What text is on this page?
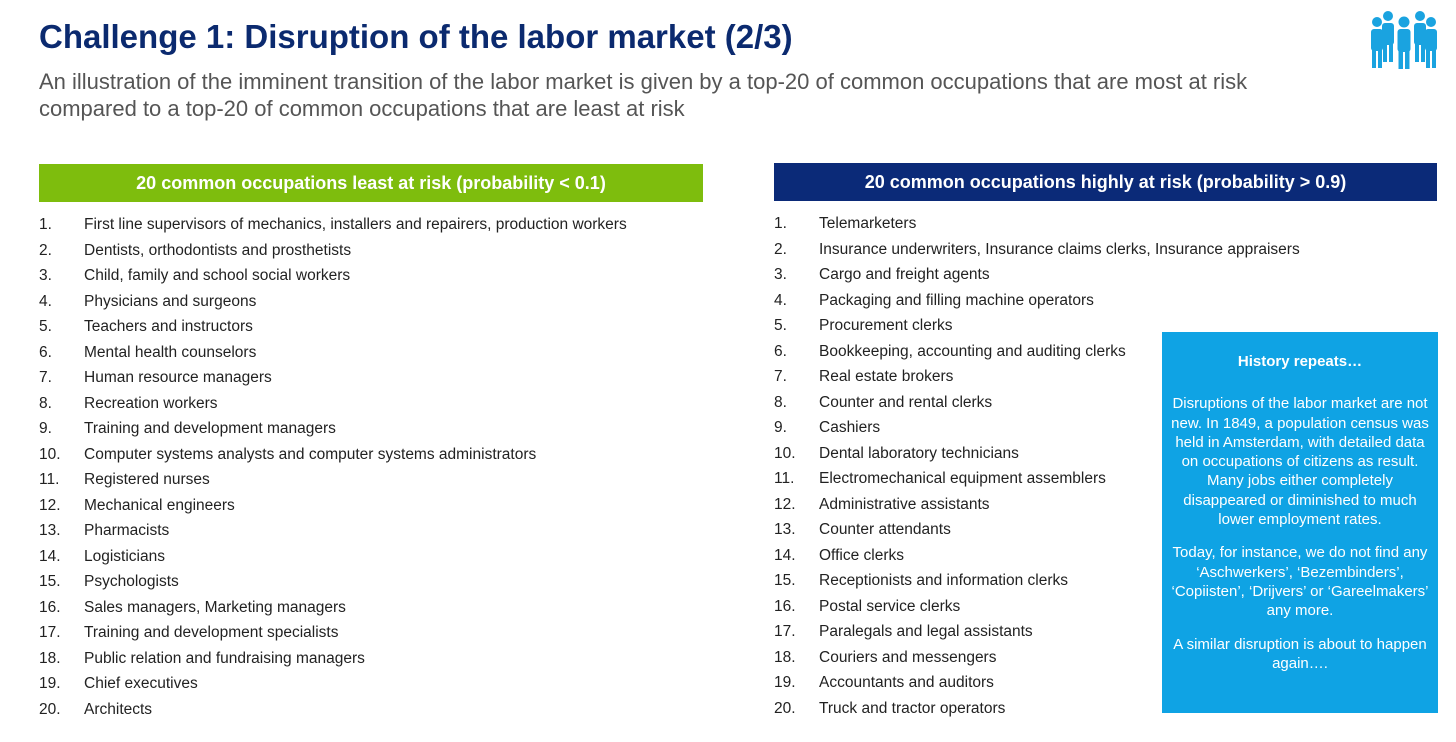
Challenge 1: Disruption of the labor market (2/3)
An illustration of the imminent transition of the labor market is given by a top-20 of common occupations that are most at risk compared to a top-20 of common occupations that are least at risk
20 common occupations least at risk (probability < 0.1)
1. First line supervisors of mechanics, installers and repairers, production workers
2. Dentists, orthodontists and prosthetists
3. Child, family and school social workers
4. Physicians and surgeons
5. Teachers and instructors
6. Mental health counselors
7. Human resource managers
8. Recreation workers
9. Training and development managers
10. Computer systems analysts and computer systems administrators
11. Registered nurses
12. Mechanical engineers
13. Pharmacists
14. Logisticians
15. Psychologists
16. Sales managers, Marketing managers
17. Training and development specialists
18. Public relation and fundraising managers
19. Chief executives
20. Architects
20 common occupations highly at risk (probability > 0.9)
1. Telemarketers
2. Insurance underwriters, Insurance claims clerks, Insurance appraisers
3. Cargo and freight agents
4. Packaging and filling machine operators
5. Procurement clerks
6. Bookkeeping, accounting and auditing clerks
7. Real estate brokers
8. Counter and rental clerks
9. Cashiers
10. Dental laboratory technicians
11. Electromechanical equipment assemblers
12. Administrative assistants
13. Counter attendants
14. Office clerks
15. Receptionists and information clerks
16. Postal service clerks
17. Paralegals and legal assistants
18. Couriers and messengers
19. Accountants and auditors
20. Truck and tractor operators
History repeats…

Disruptions of the labor market are not new. In 1849, a population census was held in Amsterdam, with detailed data on occupations of citizens as result. Many jobs either completely disappeared or diminished to much lower employment rates.

Today, for instance, we do not find any ‘Aschwerkers’, ‘Bezembinders’, ‘Copiisten’, ‘Drijvers’ or ‘Gareelmakers’ any more.

A similar disruption is about to happen again….
